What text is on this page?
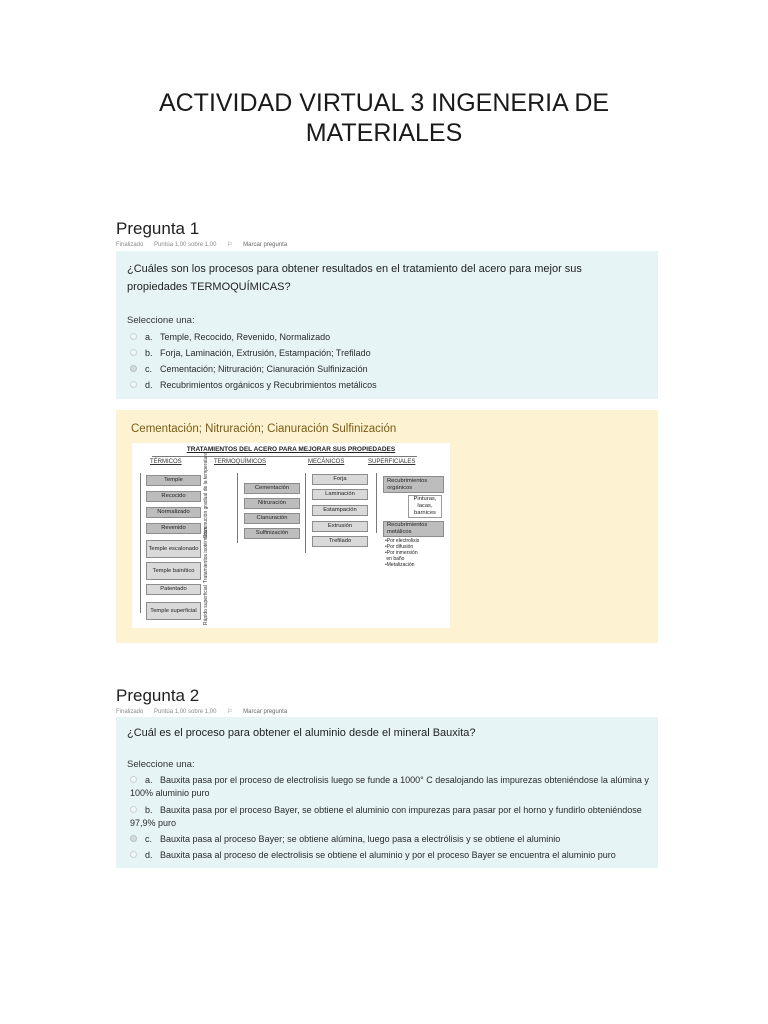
ACTIVIDAD VIRTUAL 3 INGENERIA DE
MATERIALES
Pregunta 1
Finalizado Puntúa 1,00 sobre 1,00 ⚐ Marcar pregunta
¿Cuáles son los procesos para obtener resultados en el tratamiento del acero para mejor sus
propiedades TERMOQUÍMICAS?
Seleccione una:
a. Temple, Recocido, Revenido, Normalizado
b. Forja, Laminación, Extrusión, Estampación; Trefilado
c. Cementación; Nitruración; Cianuración Sulfinización
d. Recubrimientos orgánicos y Recubrimientos metálicos
Cementación; Nitruración; Cianuración Sulfinización
TRATAMIENTOS DEL ACERO PARA MEJORAR SUS PROPIEDADES
TÉRMICOS	TERMOQUÍMICOS	MECÁNICOS	SUPERFICIALES
Temple
Recocido
Normalizado
Revenido
Temple escalonado
Temple bainítico
Patentado
Temple superficial
Disminución gradual de la temperatura
Tratamientos isotérmicos
Rápido superficial
Cementación
Nitruración
Cianuración
Sulfinización
Forja
Laminación
Estampación
Extrusión
Trefilado
Recubrimientos orgánicos
Pinturas, lacas, barnices
Recubrimientos metálicos
•Por electrolisis
•Por difusión
•Por inmersión
en baño
•Metalización
Pregunta 2
Finalizado Puntúa 1,00 sobre 1,00 ⚐ Marcar pregunta
¿Cuál es el proceso para obtener el aluminio desde el mineral Bauxita?
Seleccione una:
a. Bauxita pasa por el proceso de electrolisis luego se funde a 1000° C desalojando las impurezas obteniéndose la alúmina y 100% aluminio puro
b. Bauxita pasa por el proceso Bayer, se obtiene el aluminio con impurezas para pasar por el horno y fundirlo obteniéndose 97,9% puro
c. Bauxita pasa al proceso Bayer; se obtiene alúmina, luego pasa a electrólisis y se obtiene el aluminio
d. Bauxita pasa al proceso de electrolisis se obtiene el aluminio y por el proceso Bayer se encuentra el aluminio puro
